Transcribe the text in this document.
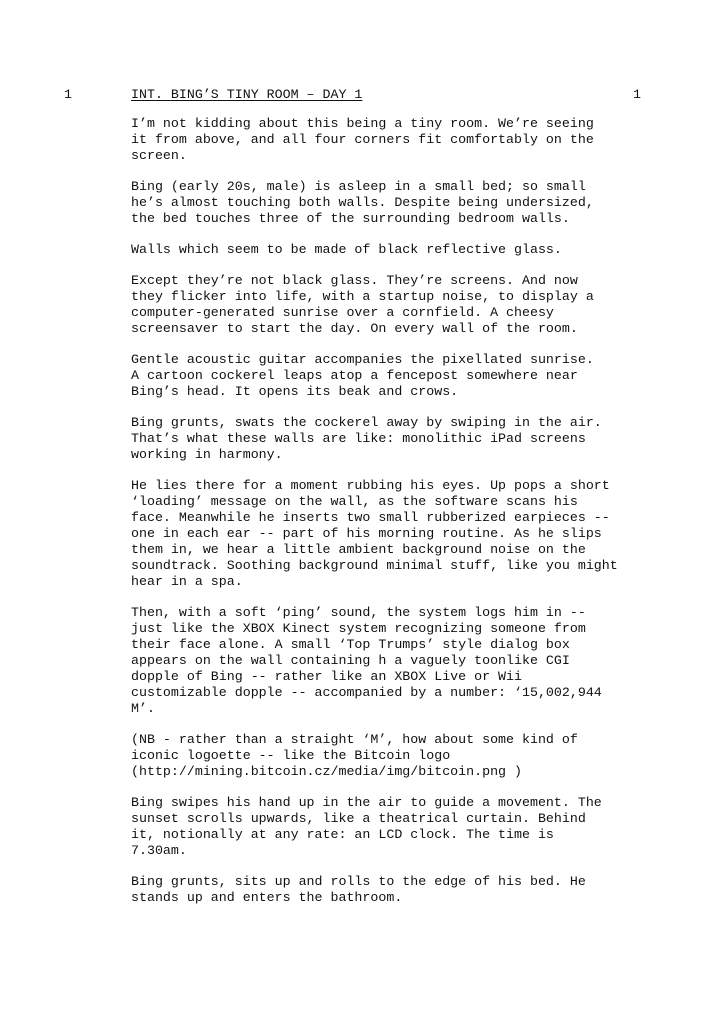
1	INT. BING’S TINY ROOM – DAY 1	1

I’m not kidding about this being a tiny room. We’re seeing
it from above, and all four corners fit comfortably on the
screen.

Bing (early 20s, male) is asleep in a small bed; so small
he’s almost touching both walls. Despite being undersized,
the bed touches three of the surrounding bedroom walls.

Walls which seem to be made of black reflective glass.

Except they’re not black glass. They’re screens. And now
they flicker into life, with a startup noise, to display a
computer-generated sunrise over a cornfield. A cheesy
screensaver to start the day. On every wall of the room.

Gentle acoustic guitar accompanies the pixellated sunrise.
A cartoon cockerel leaps atop a fencepost somewhere near
Bing’s head. It opens its beak and crows.

Bing grunts, swats the cockerel away by swiping in the air.
That’s what these walls are like: monolithic iPad screens
working in harmony.

He lies there for a moment rubbing his eyes. Up pops a short
‘loading’ message on the wall, as the software scans his
face. Meanwhile he inserts two small rubberized earpieces --
one in each ear -- part of his morning routine. As he slips
them in, we hear a little ambient background noise on the
soundtrack. Soothing background minimal stuff, like you might
hear in a spa.

Then, with a soft ‘ping’ sound, the system logs him in --
just like the XBOX Kinect system recognizing someone from
their face alone. A small ‘Top Trumps’ style dialog box
appears on the wall containing h a vaguely toonlike CGI
dopple of Bing -- rather like an XBOX Live or Wii
customizable dopple -- accompanied by a number: ‘15,002,944
M’.

(NB - rather than a straight ‘M’, how about some kind of
iconic logoette -- like the Bitcoin logo
(http://mining.bitcoin.cz/media/img/bitcoin.png )

Bing swipes his hand up in the air to guide a movement. The
sunset scrolls upwards, like a theatrical curtain. Behind
it, notionally at any rate: an LCD clock. The time is
7.30am.

Bing grunts, sits up and rolls to the edge of his bed. He
stands up and enters the bathroom.
